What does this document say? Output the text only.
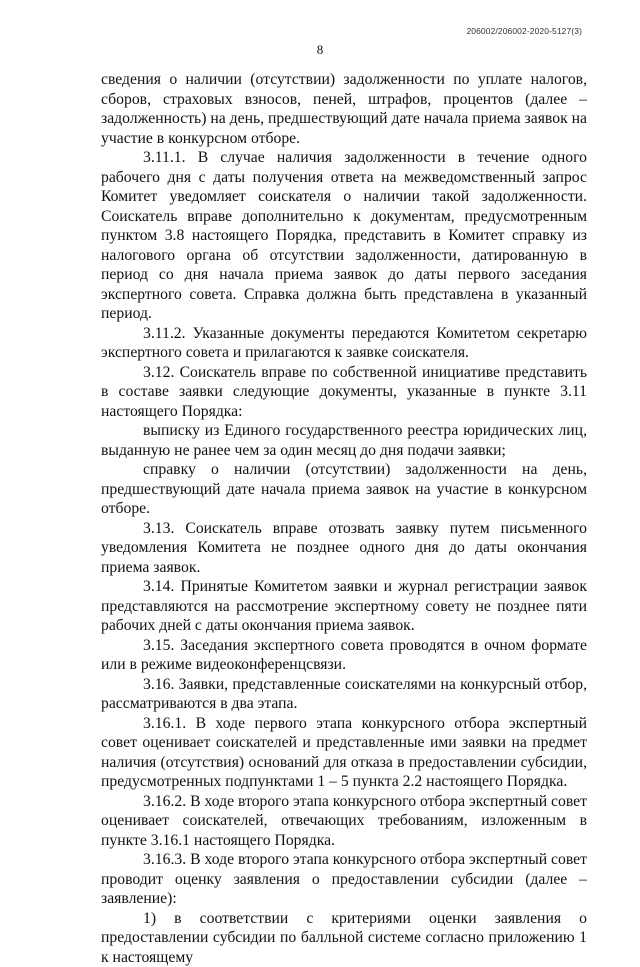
206002/206002-2020-5127(3)
8

сведения о наличии (отсутствии) задолженности по уплате налогов, сборов, страховых взносов, пеней, штрафов, процентов (далее – задолженность) на день, предшествующий дате начала приема заявок на участие в конкурсном отборе.

3.11.1. В случае наличия задолженности в течение одного рабочего дня с даты получения ответа на межведомственный запрос Комитет уведомляет соискателя о наличии такой задолженности. Соискатель вправе дополнительно к документам, предусмотренным пунктом 3.8 настоящего Порядка, представить в Комитет справку из налогового органа об отсутствии задолженности, датированную в период со дня начала приема заявок до даты первого заседания экспертного совета. Справка должна быть представлена в указанный период.

3.11.2. Указанные документы передаются Комитетом секретарю экспертного совета и прилагаются к заявке соискателя.

3.12. Соискатель вправе по собственной инициативе представить в составе заявки следующие документы, указанные в пункте 3.11 настоящего Порядка:

выписку из Единого государственного реестра юридических лиц, выданную не ранее чем за один месяц до дня подачи заявки;

справку о наличии (отсутствии) задолженности на день, предшествующий дате начала приема заявок на участие в конкурсном отборе.

3.13. Соискатель вправе отозвать заявку путем письменного уведомления Комитета не позднее одного дня до даты окончания приема заявок.

3.14. Принятые Комитетом заявки и журнал регистрации заявок представляются на рассмотрение экспертному совету не позднее пяти рабочих дней с даты окончания приема заявок.

3.15. Заседания экспертного совета проводятся в очном формате или в режиме видеоконференцсвязи.

3.16. Заявки, представленные соискателями на конкурсный отбор, рассматриваются в два этапа.

3.16.1. В ходе первого этапа конкурсного отбора экспертный совет оценивает соискателей и представленные ими заявки на предмет наличия (отсутствия) оснований для отказа в предоставлении субсидии, предусмотренных подпунктами 1 – 5 пункта 2.2 настоящего Порядка.

3.16.2. В ходе второго этапа конкурсного отбора экспертный совет оценивает соискателей, отвечающих требованиям, изложенным в пункте 3.16.1 настоящего Порядка.

3.16.3. В ходе второго этапа конкурсного отбора экспертный совет проводит оценку заявления о предоставлении субсидии (далее – заявление):

1) в соответствии с критериями оценки заявления о предоставлении субсидии по балльной системе согласно приложению 1 к настоящему
